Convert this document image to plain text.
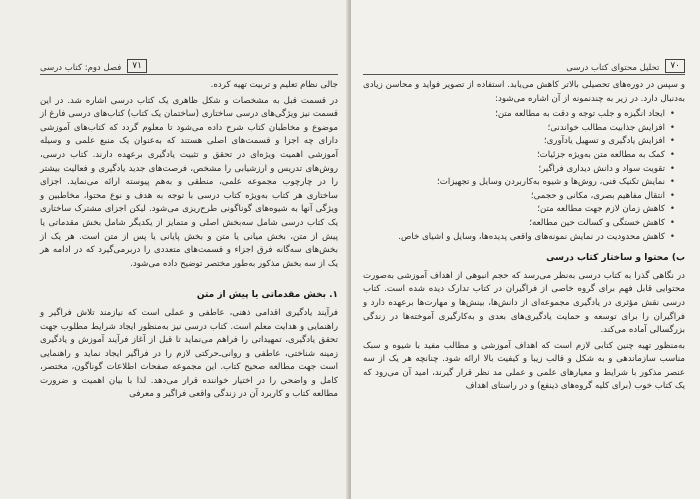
۷۱
فصل دوم: کتاب درسی

جالی نظام تعلیم و تربیت تهیه کرده.

در قسمت قبل به مشخصات و شکل ظاهری یک کتاب درسی اشاره شد. در این قسمت نیز ویژگی‌های درسی ساختاری (ساختمان یک کتاب) کتاب‌های درسی فارغ از موضوع و مخاطبان کتاب شرح داده می‌شود تا معلوم گردد که کتاب‌های آموزشی دارای چه اجزا و قسمت‌های اصلی هستند که به‌عنوان یک منبع علمی و وسیله آموزشی اهمیت ویژه‌ای در تحقق و تثبیت یادگیری برعهده دارند. کتاب درسی، روش‌های تدریس و ارزشیابی را مشخص، فرصت‌های جدید یادگیری و فعالیت بیشتر را در چارچوب مجموعه علمی، منطقی و به‌هم پیوسته ارائه می‌نماید. اجزای ساختاری هر کتاب به‌ویژه کتاب درسی با توجه به هدف و نوع محتوا، مخاطبین و ویژگی آنها به شیوه‌های گوناگونی طرح‌ریزی می‌شود. لیکن اجزای مشترک ساختاری یک کتاب درسی شامل سه‌بخش اصلی و متمایز از یکدیگر شامل بخش مقدماتی یا پیش از متن، بخش میانی یا متن و بخش پایانی یا پس از متن است. هر یک از بخش‌های سه‌گانه فرق اجزاء و قسمت‌های متعددی را دربرمی‌گیرد که در ادامه هر یک از سه بخش مذکور به‌طور مختصر توضیح داده می‌شود.

۱. بخش مقدماتی یا پیش از متن

فرآیند یادگیری اقدامی ذهنی، عاطفی و عملی است که نیازمند تلاش فراگیر و راهنمایی و هدایت معلم است. کتاب درسی نیز به‌منظور ایجاد شرایط مطلوب جهت تحقق یادگیری، تمهیداتی را فراهم می‌نماید تا قبل از آغاز فرآیند آموزش و یادگیری زمینه شناختی، عاطفی و روانی‌ـ‌حرکتی لازم را در فراگیر ایجاد نماید و راهنمایی است جهت مطالعه صحیح کتاب. این مجموعه صفحات اطلاعات گوناگون، مختصر، کامل و واضحی را در اختیار خواننده قرار می‌دهد. لذا با بیان اهمیت و ضرورت مطالعه کتاب و کاربرد آن در زندگی واقعی فراگیر و معرفی

۷۰
تحلیل محتوای کتاب درسی

و سپس در دوره‌های تحصیلی بالاتر کاهش می‌یابد. استفاده از تصویر فواید و محاسن زیادی به‌دنبال دارد. در زیر به چندنمونه از آن اشاره می‌شود:

• ایجاد انگیزه و جلب توجه و دقت به مطالعه متن؛
• افزایش جذابیت مطالب خواندنی؛
• افزایش یادگیری و تسهیل یادآوری؛
• کمک به مطالعه متن به‌ویژه جزئیات؛
• تقویت سواد و دانش دیداری فراگیر؛
• نمایش تکنیک فنی، روش‌ها و شیوه به‌کاربردن وسایل و تجهیزات؛
• انتقال مفاهیم بصری، مکانی و حجمی؛
• کاهش زمان لازم جهت مطالعه متن؛
• کاهش خستگی و کسالت حین مطالعه؛
• کاهش محدودیت در نمایش نمونه‌های واقعی پدیده‌ها، وسایل و اشیای خاص.
ب) محتوا و ساختار کتاب درسی

در نگاهی گذرا به کتاب درسی به‌نظر می‌رسد که حجم انبوهی از اهداف آموزشی به‌صورت محتوایی قابل فهم برای گروه خاصی از فراگیران در کتاب تدارک دیده شده است. کتاب درسی نقش مؤثری در یادگیری مجموعه‌ای از دانش‌ها، بینش‌ها و مهارت‌ها برعهده دارد و فراگیران را برای توسعه و حمایت یادگیری‌های بعدی و به‌کارگیری آموخته‌ها در زندگی بزرگسالی آماده می‌کند.

به‌منظور تهیه چنین کتابی لازم است که اهداف آموزشی و مطالب مفید با شیوه و سبک مناسب سازماندهی و به شکل و قالب زیبا و کیفیت بالا ارائه شود. چنانچه هر یک از سه عنصر مذکور با شرایط و معیارهای علمی و عملی مد نظر قرار گیرند، امید آن می‌رود که یک کتاب خوب (برای کلیه گروه‌های ذینفع) و در راستای اهداف
